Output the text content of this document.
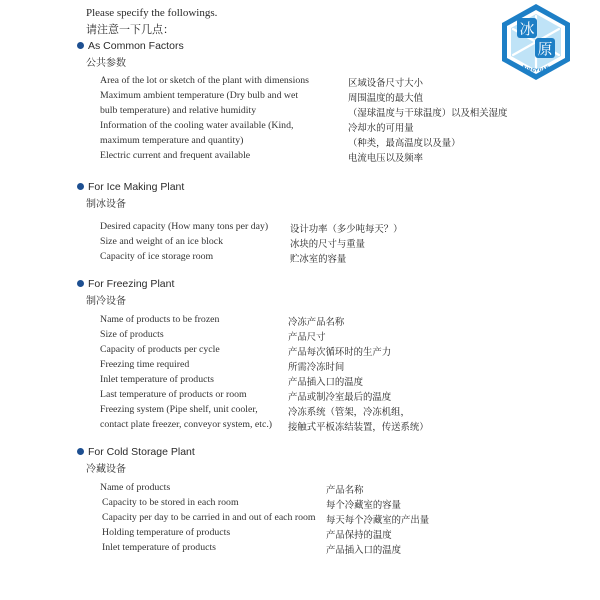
Please specify the followings.
请注意一下几点：	冰
原
BINGYUAN
As Common Factors
公共参数
Area of the lot or sketch of the plant with dimensions	区域设备尺寸大小
Maximum ambient temperature (Dry bulb and wet	周围温度的最大值
bulb temperature) and relative humidity	（湿球温度与干球温度）以及相关湿度
Information of the cooling water available (Kind,	冷却水的可用量
maximum temperature and quantity)	（种类，最高温度以及量）
Electric current and frequent available	电流电压以及频率
For Ice Making Plant
制冰设备
Desired capacity (How many tons per day) 设计功率（多少吨每天？）
Size and weight of an ice block	冰块的尺寸与重量
Capacity of ice storage room	贮冰室的容量
For Freezing Plant
制冷设备
Name of products to be frozen	冷冻产品名称
Size of products	产品尺寸
Capacity of products per cycle	产品每次循环时的生产力
Freezing time required	所需冷冻时间
Inlet temperature of products	产品插入口的温度
Last temperature of products or room	产品或制冷室最后的温度
Freezing system (Pipe shelf, unit cooler,	冷冻系统（管架，冷冻机组，
contact plate freezer, conveyor system, etc.) 接触式平板冻结装置，传送系统）
For Cold Storage Plant
冷藏设备
Name of products	产品名称
Capacity to be stored in each room	每个冷藏室的容量
Capacity per day to be carried in and out of each room 每天每个冷藏室的产出量
Holding temperature of products	产品保持的温度
Inlet temperature of products	产品插入口的温度
